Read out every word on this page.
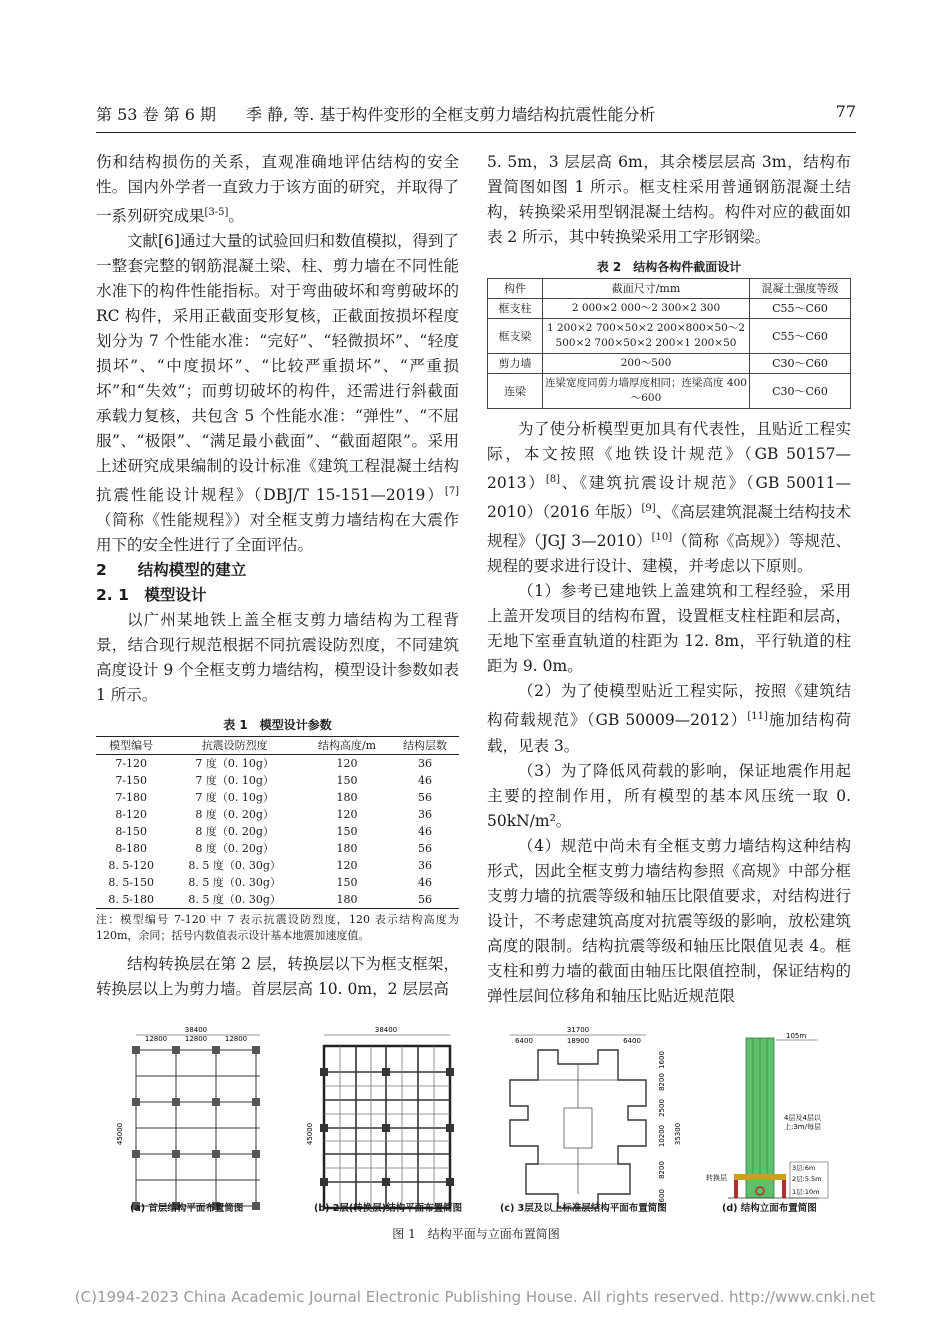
第 53 卷 第 6 期 季 静, 等. 基于构件变形的全框支剪力墙结构抗震性能分析	77

伤和结构损伤的关系，直观准确地评估结构的安全性。国内外学者一直致力于该方面的研究，并取得了一系列研究成果[3-5]。

文献[6]通过大量的试验回归和数值模拟，得到了一整套完整的钢筋混凝土梁、柱、剪力墙在不同性能水准下的构件性能指标。对于弯曲破坏和弯剪破坏的 RC 构件，采用正截面变形复核，正截面按损坏程度划分为 7 个性能水准：“完好”、“轻微损坏”、“轻度损坏”、“中度损坏”、“比较严重损坏”、“严重损坏”和“失效”；而剪切破坏的构件，还需进行斜截面承载力复核，共包含 5 个性能水准：“弹性”、“不屈服”、“极限”、“满足最小截面”、“截面超限”。采用上述研究成果编制的设计标准《建筑工程混凝土结构抗震性能设计规程》（DBJ/T 15-151—2019）[7]（简称《性能规程》）对全框支剪力墙结构在大震作用下的安全性进行了全面评估。

2　　结构模型的建立

2. 1　模型设计

以广州某地铁上盖全框支剪力墙结构为工程背景，结合现行规范根据不同抗震设防烈度，不同建筑高度设计 9 个全框支剪力墙结构，模型设计参数如表 1 所示。

表 1　模型设计参数
模型编号	抗震设防烈度	结构高度/m	结构层数
7-120	7 度（0. 10g）	120	36
7-150	7 度（0. 10g）	150	46
7-180	7 度（0. 10g）	180	56
8-120	8 度（0. 20g）	120	36
8-150	8 度（0. 20g）	150	46
8-180	8 度（0. 20g）	180	56
8. 5-120	8. 5 度（0. 30g）	120	36
8. 5-150	8. 5 度（0. 30g）	150	46
8. 5-180	8. 5 度（0. 30g）	180	56
注：模型编号 7-120 中 7 表示抗震设防烈度，120 表示结构高度为 120m，余同；括号内数值表示设计基本地震加速度值。

结构转换层在第 2 层，转换层以下为框支框架，转换层以上为剪力墙。首层层高 10. 0m，2 层层高

5. 5m，3 层层高 6m，其余楼层层高 3m，结构布置简图如图 1 所示。框支柱采用普通钢筋混凝土结构，转换梁采用型钢混凝土结构。构件对应的截面如表 2 所示，其中转换梁采用工字形钢梁。

表 2　结构各构件截面设计
构件	截面尺寸/mm	混凝土强度等级
框支柱	2 000×2 000～2 300×2 300	C55～C60
框支梁	1 200×2 700×50×2 200×800×50～2 500×2 700×50×2 200×1 200×50	C55～C60
剪力墙	200～500	C30～C60
连梁	连梁宽度同剪力墙厚度相同；连梁高度 400～600	C30～C60

为了使分析模型更加具有代表性，且贴近工程实际，本文按照《地铁设计规范》（GB 50157—2013）[8]、《建筑抗震设计规范》（GB 50011—2010）（2016 年版）[9]、《高层建筑混凝土结构技术规程》（JGJ 3—2010）[10]（简称《高规》）等规范、规程的要求进行设计、建模，并考虑以下原则。

（1）参考已建地铁上盖建筑和工程经验，采用上盖开发项目的结构布置，设置框支柱柱距和层高，无地下室垂直轨道的柱距为 12. 8m，平行轨道的柱距为 9. 0m。

（2）为了使模型贴近工程实际，按照《建筑结构荷载规范》（GB 50009—2012）[11]施加结构荷载，见表 3。

（3）为了降低风荷载的影响，保证地震作用起主要的控制作用，所有模型的基本风压统一取 0. 50kN/m²。

（4）规范中尚未有全框支剪力墙结构这种结构形式，因此全框支剪力墙结构参照《高规》中部分框支剪力墙的抗震等级和轴压比限值要求，对结构进行设计，不考虑建筑高度对抗震等级的影响，放松建筑高度的限制。结构抗震等级和轴压比限值见表 4。框支柱和剪力墙的截面由轴压比限值控制，保证结构的弹性层间位移角和轴压比贴近规范限

38400
12800	12800	12800
45000
38400
45000
31700
6400	18900	6400
1600
8200
2500
10200
8200
1600
35300
105m
4层及4层以
上:3m/每层
3层:6m
2层:5.5m
1层:10m
转换层
(a) 首层结构平面布置简图	(b) 2层(转换层)结构平面布置简图	(c) 3层及以上标准层结构平面布置简图	(d) 结构立面布置简图
图 1　结构平面与立面布置简图
(C)1994-2023 China Academic Journal Electronic Publishing House. All rights reserved. http://www.cnki.net
